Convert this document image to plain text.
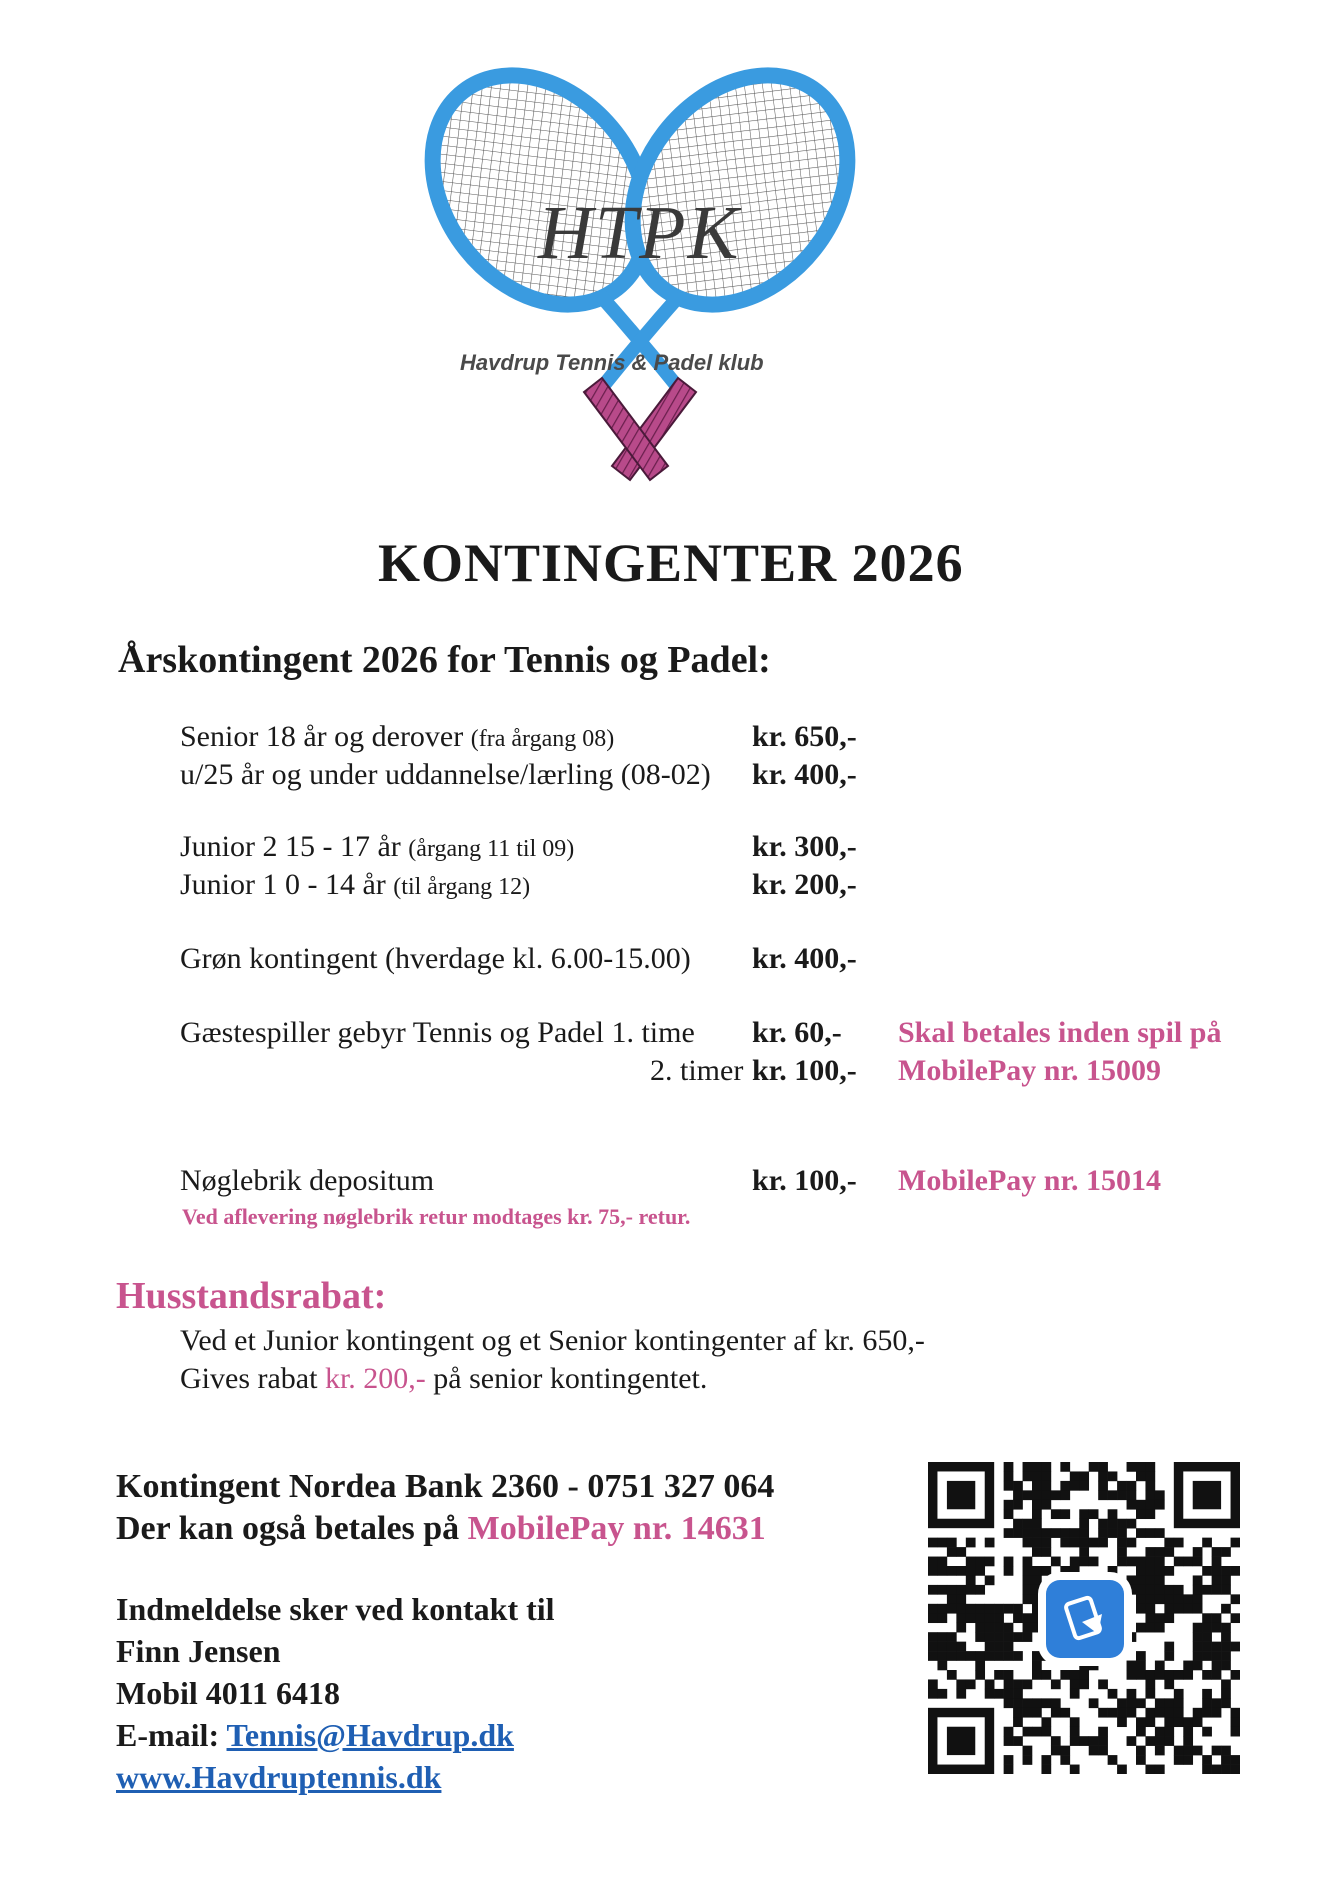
HTPK
Havdrup Tennis & Padel klub
KONTINGENTER 2026
Årskontingent 2026 for Tennis og Padel:
Senior 18 år og derover (fra årgang 08)	kr. 650,-
u/25 år og under uddannelse/lærling (08-02) kr. 400,-
Junior 2 15 - 17 år (årgang 11 til 09)	kr. 300,-
Junior 1 0 - 14 år (til årgang 12)	kr. 200,-
Grøn kontingent (hverdage kl. 6.00-15.00) kr. 400,-
Gæstespiller gebyr Tennis og Padel 1. time kr. 60,- Skal betales inden spil på
2. timer kr. 100,- MobilePay nr. 15009
Nøglebrik depositum	kr. 100,- MobilePay nr. 15014
Ved aflevering nøglebrik retur modtages kr. 75,- retur.
Husstandsrabat:
Ved et Junior kontingent og et Senior kontingenter af kr. 650,-
Gives rabat kr. 200,- på senior kontingentet.
Kontingent Nordea Bank 2360 - 0751 327 064
Der kan også betales på MobilePay nr. 14631
Indmeldelse sker ved kontakt til
Finn Jensen
Mobil 4011 6418
E-mail: Tennis@Havdrup.dk
www.Havdruptennis.dk
